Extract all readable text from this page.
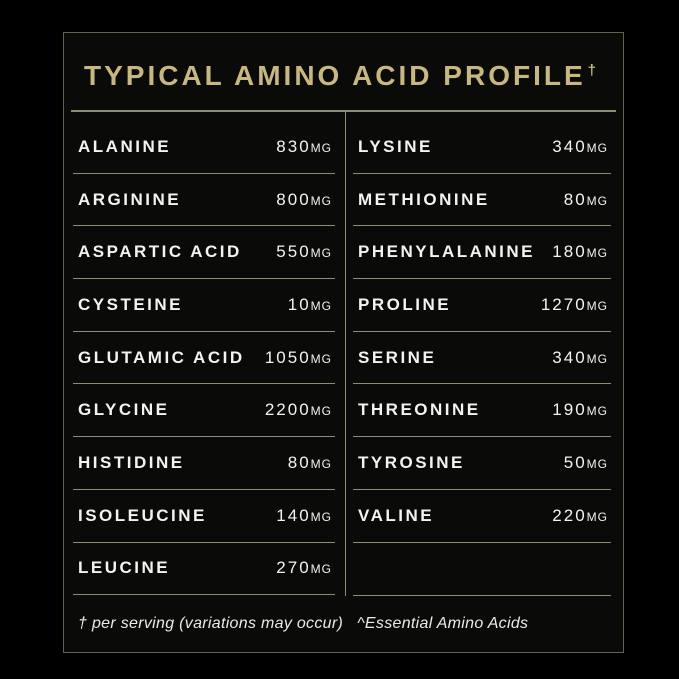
TYPICAL AMINO ACID PROFILE †
ALANINE	830MG
ARGININE	800MG
ASPARTIC ACID 550MG
CYSTEINE	10MG
GLUTAMIC ACID 1050MG
GLYCINE	2200MG
HISTIDINE	80MG
ISOLEUCINE	140MG
LEUCINE	270MG
LYSINE	340MG
METHIONINE	80MG
PHENYLALANINE 180MG
PROLINE	1270MG
SERINE	340MG
THREONINE	190MG
TYROSINE	50MG
VALINE	220MG
† per serving (variations may occur) ^Essential Amino Acids
